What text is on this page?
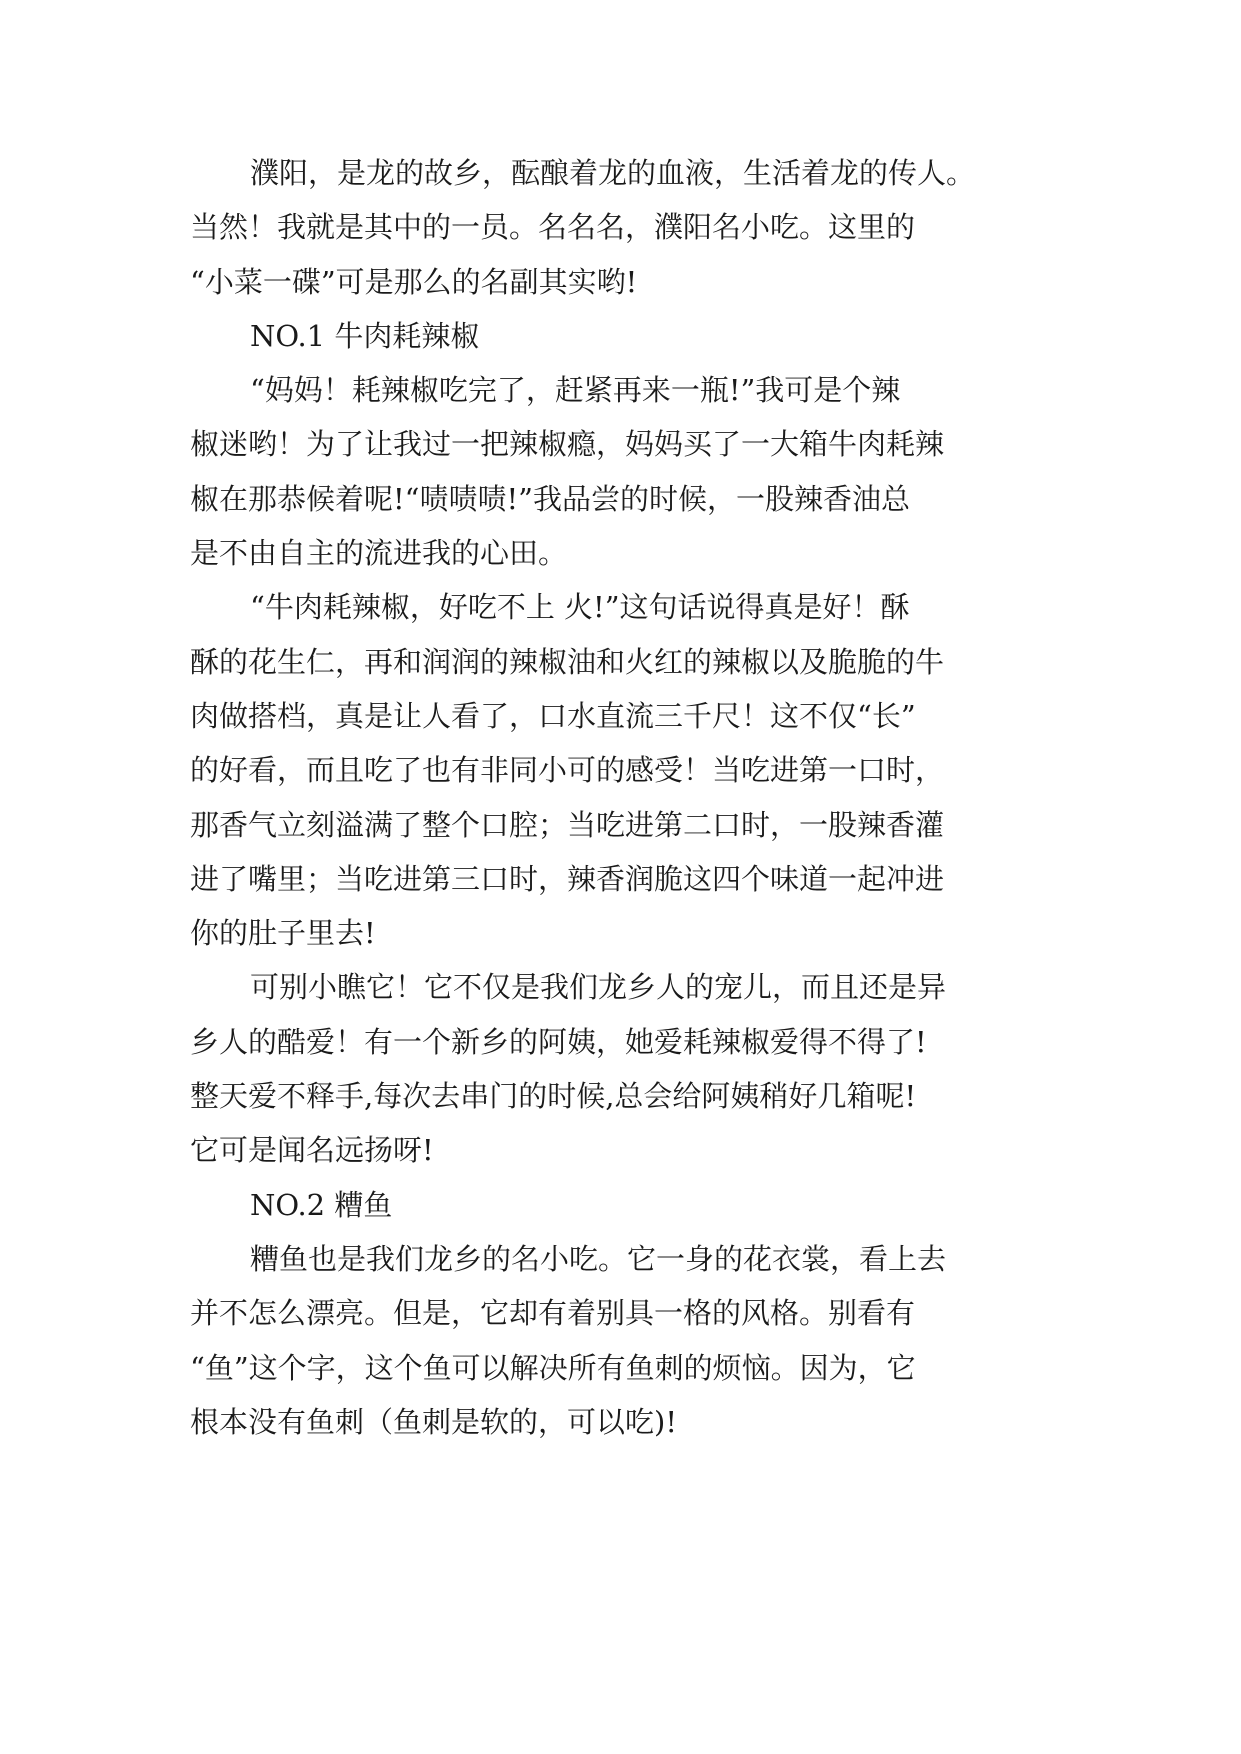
濮阳，是龙的故乡，酝酿着龙的血液，生活着龙的传人。
当然！我就是其中的一员。名名名，濮阳名小吃。这里的
“小菜一碟”可是那么的名副其实哟!
NO.1 牛肉耗辣椒
“妈妈！耗辣椒吃完了，赶紧再来一瓶!”我可是个辣
椒迷哟！为了让我过一把辣椒瘾，妈妈买了一大箱牛肉耗辣
椒在那恭候着呢!“啧啧啧!”我品尝的时候，一股辣香油总
是不由自主的流进我的心田。
“牛肉耗辣椒，好吃不上 火!”这句话说得真是好！酥
酥的花生仁，再和润润的辣椒油和火红的辣椒以及脆脆的牛
肉做搭档，真是让人看了，口水直流三千尺！这不仅“长”
的好看，而且吃了也有非同小可的感受！当吃进第一口时，
那香气立刻溢满了整个口腔；当吃进第二口时，一股辣香灌
进了嘴里；当吃进第三口时，辣香润脆这四个味道一起冲进
你的肚子里去!
可别小瞧它！它不仅是我们龙乡人的宠儿，而且还是异
乡人的酷爱！有一个新乡的阿姨，她爱耗辣椒爱得不得了!
整天爱不释手,每次去串门的时候,总会给阿姨稍好几箱呢!
它可是闻名远扬呀!
NO.2 糟鱼
糟鱼也是我们龙乡的名小吃。它一身的花衣裳，看上去
并不怎么漂亮。但是，它却有着别具一格的风格。别看有
“鱼”这个字，这个鱼可以解决所有鱼刺的烦恼。因为，它
根本没有鱼刺（鱼刺是软的，可以吃)!
